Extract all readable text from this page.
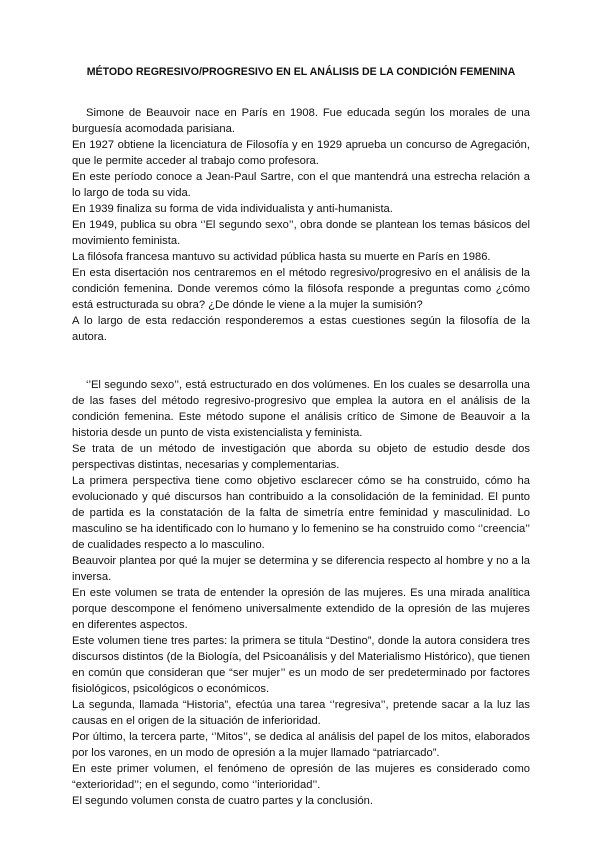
MÉTODO REGRESIVO/PROGRESIVO EN EL ANÁLISIS DE LA CONDICIÓN FEMENINA

Simone de Beauvoir nace en París en 1908. Fue educada según los morales de una burguesía acomodada parisiana.

En 1927 obtiene la licenciatura de Filosofía y en 1929 aprueba un concurso de Agregación, que le permite acceder al trabajo como profesora.

En este período conoce a Jean-Paul Sartre, con el que mantendrá una estrecha relación a lo largo de toda su vida.

En 1939 finaliza su forma de vida individualista y anti-humanista.

En 1949, publica su obra ‘’El segundo sexo’’, obra donde se plantean los temas básicos del movimiento feminista.

La filósofa francesa mantuvo su actividad pública hasta su muerte en París en 1986.

En esta disertación nos centraremos en el método regresivo/progresivo en el análisis de la condición femenina. Donde veremos cómo la filósofa responde a preguntas como ¿cómo está estructurada su obra? ¿De dónde le viene a la mujer la sumisión?

A lo largo de esta redacción responderemos a estas cuestiones según la filosofía de la autora.

‘’El segundo sexo’’, está estructurado en dos volúmenes. En los cuales se desarrolla una de las fases del método regresivo-progresivo que emplea la autora en el análisis de la condición femenina. Este método supone el análisis crítico de Simone de Beauvoir a la historia desde un punto de vista existencialista y feminista.

Se trata de un método de investigación que aborda su objeto de estudio desde dos perspectivas distintas, necesarias y complementarias.

La primera perspectiva tiene como objetivo esclarecer cómo se ha construido, cómo ha evolucionado y qué discursos han contribuido a la consolidación de la feminidad. El punto de partida es la constatación de la falta de simetría entre feminidad y masculinidad. Lo masculino se ha identificado con lo humano y lo femenino se ha construido como ‘’creencia’’ de cualidades respecto a lo masculino.

Beauvoir plantea por qué la mujer se determina y se diferencia respecto al hombre y no a la inversa.

En este volumen se trata de entender la opresión de las mujeres. Es una mirada analítica porque descompone el fenómeno universalmente extendido de la opresión de las mujeres en diferentes aspectos.

Este volumen tiene tres partes: la primera se titula “Destino”, donde la autora considera tres discursos distintos (de la Biología, del Psicoanálisis y del Materialismo Histórico), que tienen en común que consideran que “ser mujer’’ es un modo de ser predeterminado por factores fisiológicos, psicológicos o económicos.

La segunda, llamada “Historia”, efectúa una tarea ‘’regresiva’’, pretende sacar a la luz las causas en el origen de la situación de inferioridad.

Por último, la tercera parte, ‘’Mitos’’, se dedica al análisis del papel de los mitos, elaborados por los varones, en un modo de opresión a la mujer llamado “patriarcado”.

En este primer volumen, el fenómeno de opresión de las mujeres es considerado como “exterioridad’’; en el segundo, como ‘’interioridad’’.

El segundo volumen consta de cuatro partes y la conclusión.
